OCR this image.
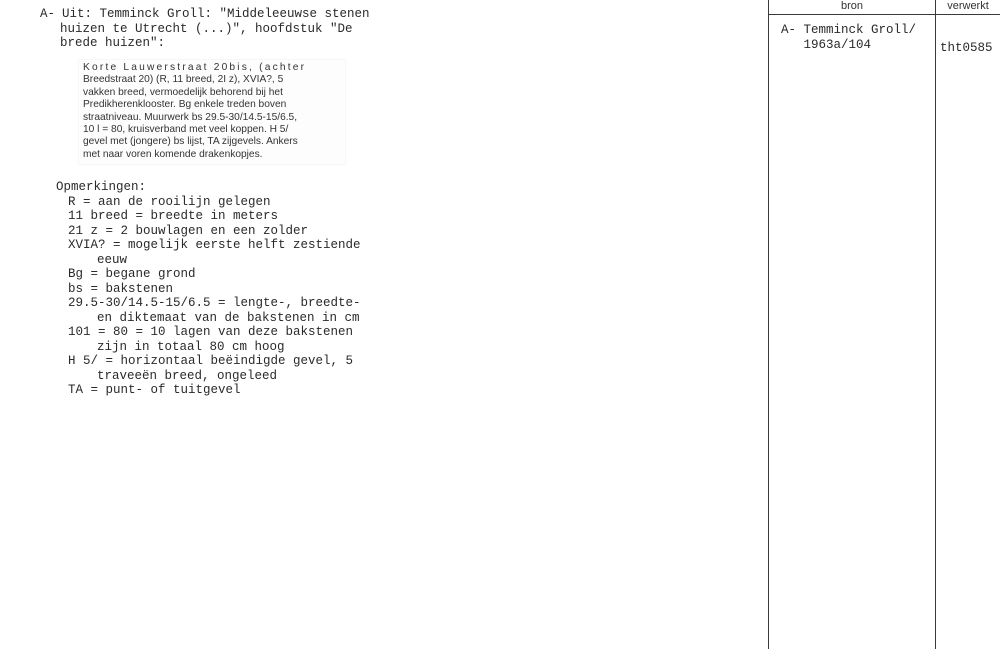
A- Uit: Temminck Groll: "Middeleeuwse stenen
huizen te Utrecht (...)", hoofdstuk "De
brede huizen":
Korte Lauwerstraat 20bis, (achter
Breedstraat 20) (R, 11 breed, 2I z), XVIA?, 5
vakken breed, vermoedelijk behorend bij het
Predikherenklooster. Bg enkele treden boven
straatniveau. Muurwerk bs 29.5-30/14.5-15/6.5,
10 l = 80, kruisverband met veel koppen. H 5/
gevel met (jongere) bs lijst, TA zijgevels. Ankers
met naar voren komende drakenkopjes.
Opmerkingen:
R = aan de rooilijn gelegen
11 breed = breedte in meters
21 z = 2 bouwlagen en een zolder
XVIA? = mogelijk eerste helft zestiende
eeuw
Bg = begane grond
bs = bakstenen
29.5-30/14.5-15/6.5 = lengte-, breedte-
en diktemaat van de bakstenen in cm
101 = 80 = 10 lagen van deze bakstenen
zijn in totaal 80 cm hoog
H 5/ = horizontaal beëindigde gevel, 5
traveeën breed, ongeleed
TA = punt- of tuitgevel
bron	verwerkt
A- Temminck Groll/
1963a/104	tht0585
